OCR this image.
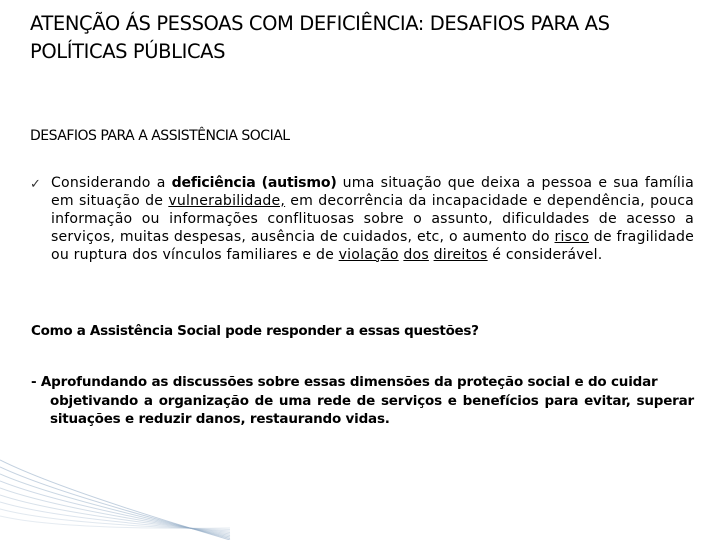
ATENÇÃO ÁS PESSOAS COM DEFICIÊNCIA: DESAFIOS PARA AS POLÍTICAS PÚBLICAS
DESAFIOS PARA A ASSISTÊNCIA SOCIAL
✓ Considerando a deficiência (autismo) uma situação que deixa a pessoa e sua família em situação de vulnerabilidade, em decorrência da incapacidade e dependência, pouca informação ou informações conflituosas sobre o assunto, dificuldades de acesso a serviços, muitas despesas, ausência de cuidados, etc, o aumento do risco de fragilidade ou ruptura dos vínculos familiares e de violação dos direitos é considerável.
Como a Assistência Social pode responder a essas questões?
- Aprofundando as discussões sobre essas dimensões da proteção social e do cuidar
objetivando a organização de uma rede de serviços e benefícios para evitar, superar situações e reduzir danos, restaurando vidas.
